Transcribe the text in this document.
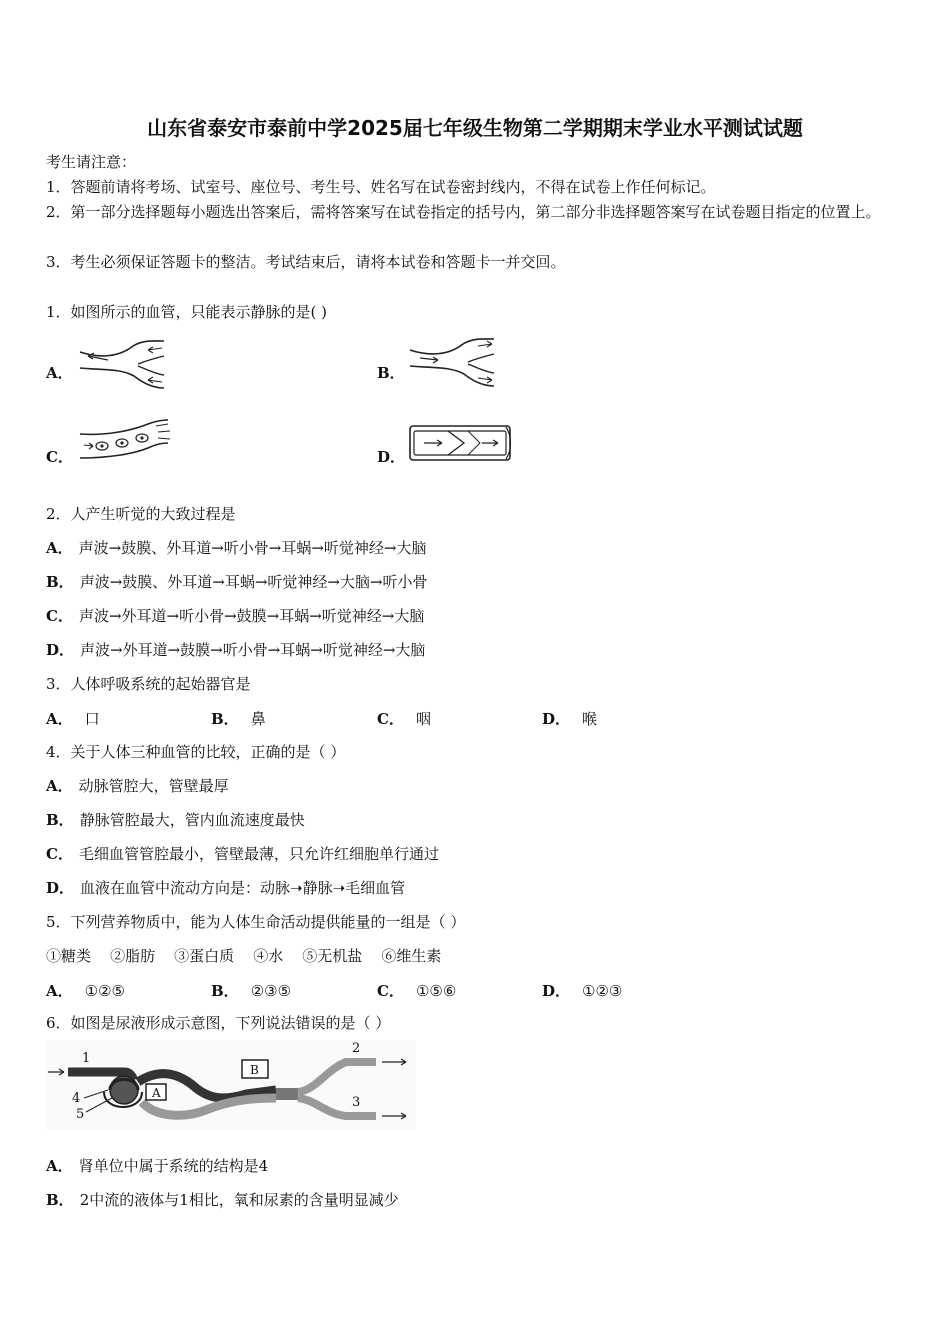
山东省泰安市泰前中学2025届七年级生物第二学期期末学业水平测试试题
考生请注意：
1．答题前请将考场、试室号、座位号、考生号、姓名写在试卷密封线内，不得在试卷上作任何标记。
2．第一部分选择题每小题选出答案后，需将答案写在试卷指定的括号内，第二部分非选择题答案写在试卷题目指定的位置上。
3．考生必须保证答题卡的整洁。考试结束后，请将本试卷和答题卡一并交回。
1．如图所示的血管，只能表示静脉的是( )
A．	B．
C．	D．
2．人产生听觉的大致过程是
A． 声波→鼓膜、外耳道→听小骨→耳蜗→听觉神经→大脑
B． 声波→鼓膜、外耳道→耳蜗→听觉神经→大脑→听小骨
C． 声波→外耳道→听小骨→鼓膜→耳蜗→听觉神经→大脑
D． 声波→外耳道→鼓膜→听小骨→耳蜗→听觉神经→大脑
3．人体呼吸系统的起始器官是
A． 口	B． 鼻	C． 咽	D． 喉
4．关于人体三种血管的比较，正确的是（ ）
A． 动脉管腔大，管壁最厚
B． 静脉管腔最大，管内血流速度最快
C． 毛细血管管腔最小，管壁最薄，只允许红细胞单行通过
D． 血液在血管中流动方向是：动脉➝静脉➝毛细血管
5．下列营养物质中，能为人体生命活动提供能量的一组是（ ）
①糖类    ②脂肪    ③蛋白质    ④水    ⑤无机盐    ⑥维生素
A． ①②⑤	B． ②③⑤	C． ①⑤⑥	D． ①②③
6．如图是尿液形成示意图，下列说法错误的是（ ）
A
B
1
2
3
4
5
A． 肾单位中属于系统的结构是4
B． 2中流的液体与1相比，氧和尿素的含量明显减少
